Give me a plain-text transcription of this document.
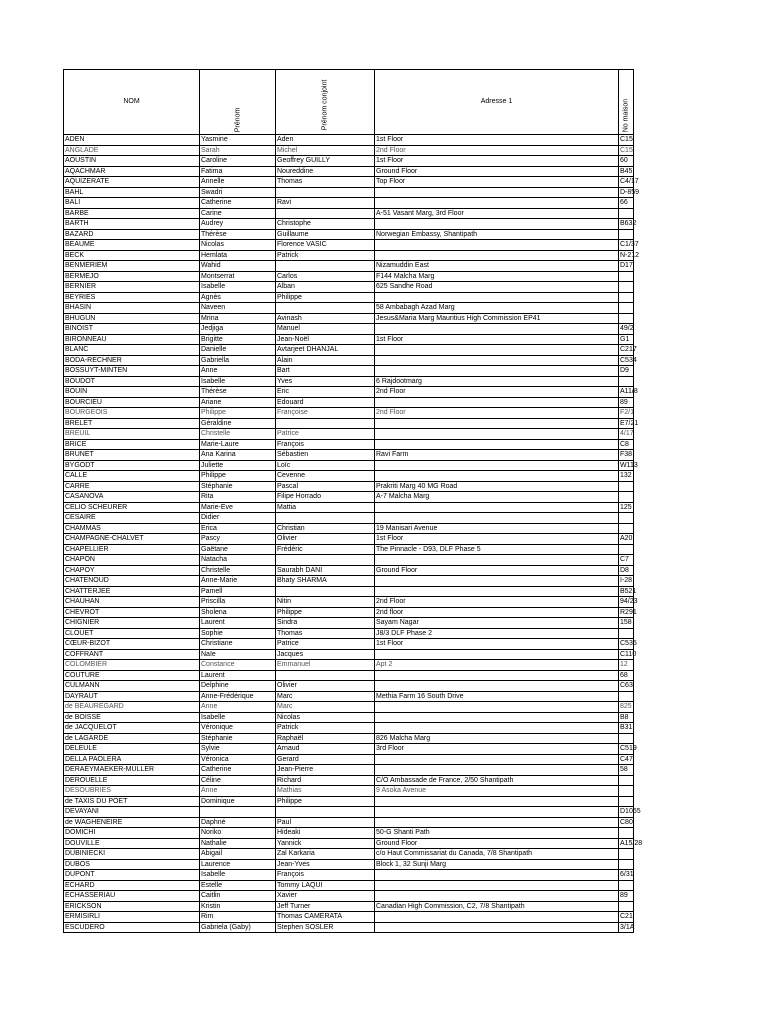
NOM	Prénom	Prénom conjoint	Adresse 1	No maison

ADEN	Yasmine	Aden	1st Floor	C15
ANGLADE	Sarah	Michel	2nd Floor	C15
AOUSTIN	Caroline	Geoffrey GUILLY	1st Floor	60
AQACHMAR	Fatima	Noureddine	Ground Floor	B45
AQUIZERATE	Annelle	Thomas	Top Floor	C4/17
BAHL	Swadri			D-859
BALI	Catherine	Ravi		66
BARBE	Carine		A-51 Vasant Marg, 3rd Floor	
BARTH	Audrey	Christophe		B632
BAZARD	Thérèse	Guillaume	Norwegian Embassy, Shantipath	
BEAUME	Nicolas	Florence VASIC		C1/37
BECK	Hemlata	Patrick		N-212
BENMERIEM	Wahid		Nizamuddin East	D17
BERMEJO	Montserrat	Carlos	F144 Malcha Marg	
BERNIER	Isabelle	Alban	625 Sandhe Road	
BEYRIES	Agnès	Philippe		
BHASIN	Naveen		58 Ambabagh Azad Marg	
BHUGUN	Mrina	Avinash	Jesus&Maria Marg Mauritius High Commission EP41	
BINOIST	Jedjiga	Manuel		49/2
BIRONNEAU	Brigitte	Jean-Noël	1st Floor	G1
BLANC	Danielle	Avtarjeet DHANJAL		C217
BODA-RECHNER	Gabriella	Alain		C534
BOSSUYT-MINTEN	Anne	Bart		D9
BOUDOT	Isabelle	Yves	6 Rajdootmarg	
BOUIN	Thérèse	Eric	2nd Floor	A11/8
BOURCIEU	Ariane	Edouard		89
BOURGEOIS	Philippe	Françoise	2nd Floor	F2/1
BRELET	Géraldine			E7/21
BREUIL	Christelle	Patrice		4/17
BRICE	Marie-Laure	François		C8
BRUNET	Ana Karina	Sébastien	Ravi Farm	F38
BYGODT	Juliette	Loïc		W113
CALLE	Philippe	Cevenne		132
CARRE	Stéphanie	Pascal	Prakriti Marg 40 MG Road	
CASANOVA	Rita	Filipe Horrado	A-7 Malcha Marg	
CELIO SCHEURER	Marie-Eve	Mattia		125
CESAIRE	Didier			
CHAMMAS	Erica	Christian	19 Manisari Avenue	
CHAMPAGNE-CHALVET	Pascy	Olivier	1st Floor	A20
CHAPELLIER	Gaëtane	Frédéric	The Pinnacle - D93, DLF Phase 5	
CHAPON	Natacha			C7
CHAPOY	Christelle	Saurabh DANI	Ground Floor	D8
CHATENOUD	Anne-Marie	Bhaty SHARMA		I-28
CHATTERJEE	Pamell			B521
CHAUHAN	Priscilla	Nitin	2nd Floor	94/23
CHEVROT	Sholena	Philippe	2nd floor	R291
CHIGNIER	Laurent	Sindra	Sayam Nagar	158
CLOUET	Sophie	Thomas	J8/3 DLF Phase 2	
CŒUR-BIZOT	Christiane	Patrice	1st Floor	C535
COFFRANT	Naïe	Jacques		C110
COLOMBIER	Constance	Emmanuel	Apt 2	12
COUTURE	Laurent			68
CULMANN	Delphine	Olivier		C63
DAYRAUT	Anne-Frédérique	Marc	Methia Farm 16 South Drive	
de BEAUREGARD	Anne	Marc		825
de BOISSE	Isabelle	Nicolas		B8
de JACQUELOT	Véronique	Patrick		B31
de LAGARDE	Stéphanie	Raphaël	826 Malcha Marg	
DELEULE	Sylvie	Arnaud	3rd Floor	C519
DELLA PAOLERA	Véronica	Gerard		C47
DERAEYMAEKER-MULLER	Catherine	Jean-Pierre		58
DEROUELLE	Céline	Richard	C/O Ambassade de France, 2/50 Shantipath	
DESOUBRIES	Anne	Mathias	9 Asoka Avenue	
de TAXIS DU POET	Dominique	Philippe		
DEVAYANI				D1065
de WAGHENEIRE	Daphné	Paul		C80
DOMICHI	Noriko	Hideaki	50-G Shanti Path	
DOUVILLE	Nathalie	Yannick	Ground Floor	A15/28
DUBINIECKI	Abigail	Zal Karkaria	c/o Haut Commissariat du Canada, 7/8 Shantipath	
DUBOS	Laurence	Jean-Yves	Block 1, 32 Sunji Marg	
DUPONT	Isabelle	François		6/31
ECHARD	Estelle	Tommy LAQUI		
ECHASSERIAU	Caitlin	Xavier		89
ERICKSON	Kristin	Jeff Turner	Canadian High Commission, C2, 7/8 Shantipath	
ERMISIRLI	Rim	Thomas CAMERATA		C21
ESCUDERO	Gabriela (Gaby)	Stephen SOSLER		3/1A
